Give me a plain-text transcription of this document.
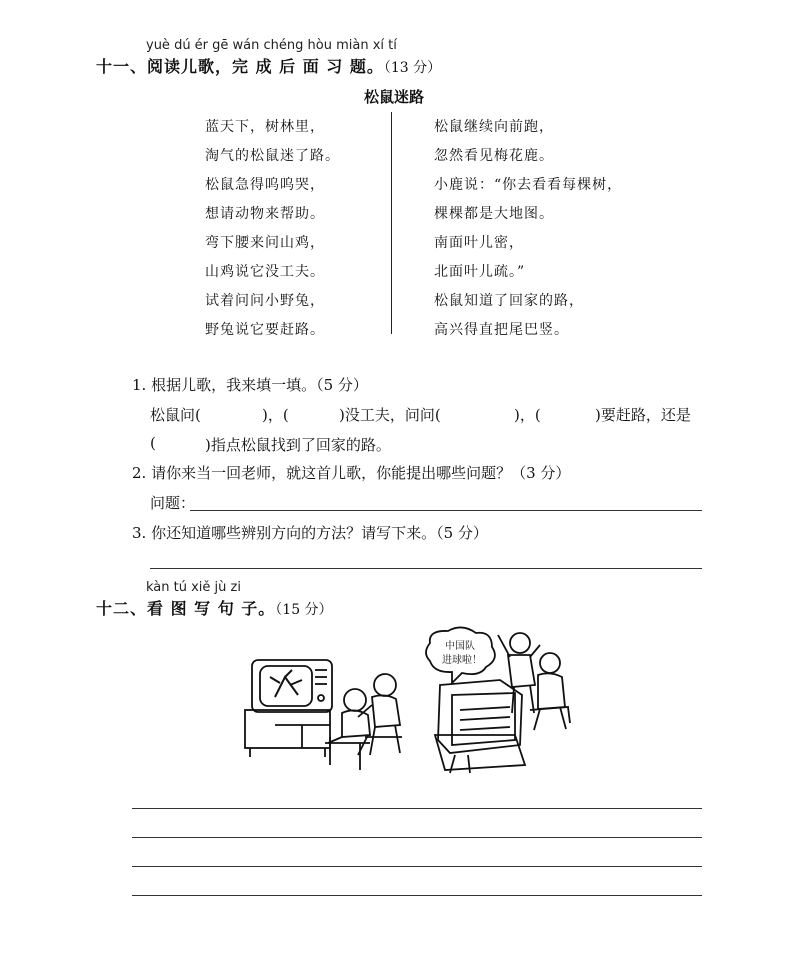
yuè dú ér gē wán chéng hòu miàn xí tí
十一、阅读儿歌，完 成 后 面 习 题。（13 分）
松鼠迷路
蓝天下，树林里，
淘气的松鼠迷了路。
松鼠急得呜呜哭，
想请动物来帮助。
弯下腰来问山鸡，
山鸡说它没工夫。
试着问问小野兔，
野兔说它要赶路。
松鼠继续向前跑，
忽然看见梅花鹿。
小鹿说：“你去看看每棵树，
棵棵都是大地图。
南面叶儿密，
北面叶儿疏。”
松鼠知道了回家的路，
高兴得直把尾巴竖。
1. 根据儿歌，我来填一填。（5 分）
松鼠问(	)，(	)没工夫，问问(	)，(	)要赶路，还是
(	)指点松鼠找到了回家的路。
2. 请你来当一回老师，就这首儿歌，你能提出哪些问题？（3 分）
问题：
3. 你还知道哪些辨别方向的方法？请写下来。（5 分）
kàn tú xiě jù zi
十二、看 图 写 句 子。（15 分）
中国队
进球啦！
